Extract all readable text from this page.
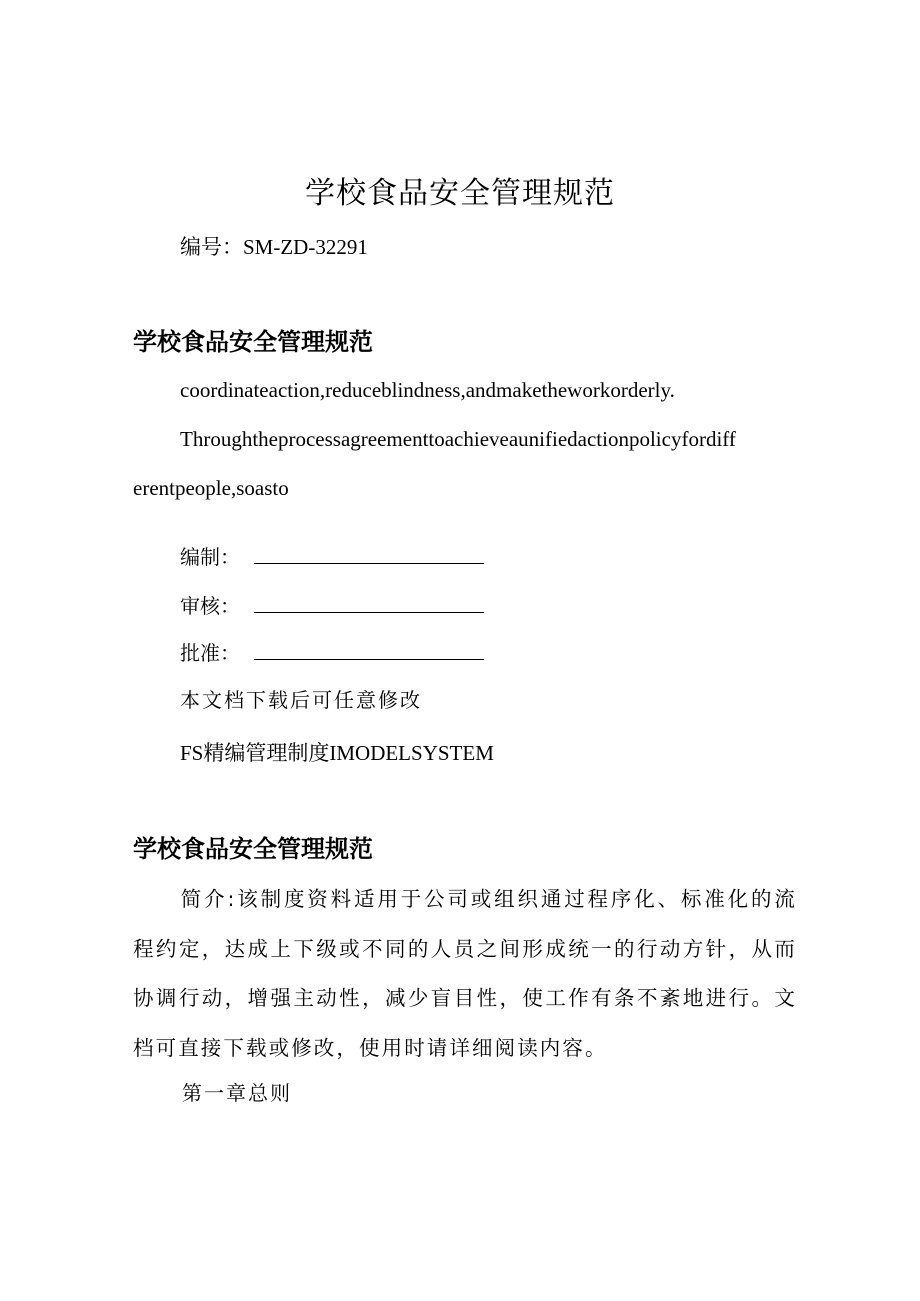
学校食品安全管理规范
编号：SM-ZD-32291
学校食品安全管理规范
coordinateaction,reduceblindness,andmaketheworkorderly.
Throughtheprocessagreementtoachieveaunifiedactionpolicyfordiff
erentpeople,soasto
编制：
审核：
批准：
本文档下载后可任意修改
FS精编管理制度IMODELSYSTEM
学校食品安全管理规范
简介:该制度资料适用于公司或组织通过程序化、标准化的流程约定，达成上下级或不同的人员之间形成统一的行动方针，从而协调行动，增强主动性，减少盲目性，使工作有条不紊地进行。文档可直接下载或修改，使用时请详细阅读内容。
第一章总则
